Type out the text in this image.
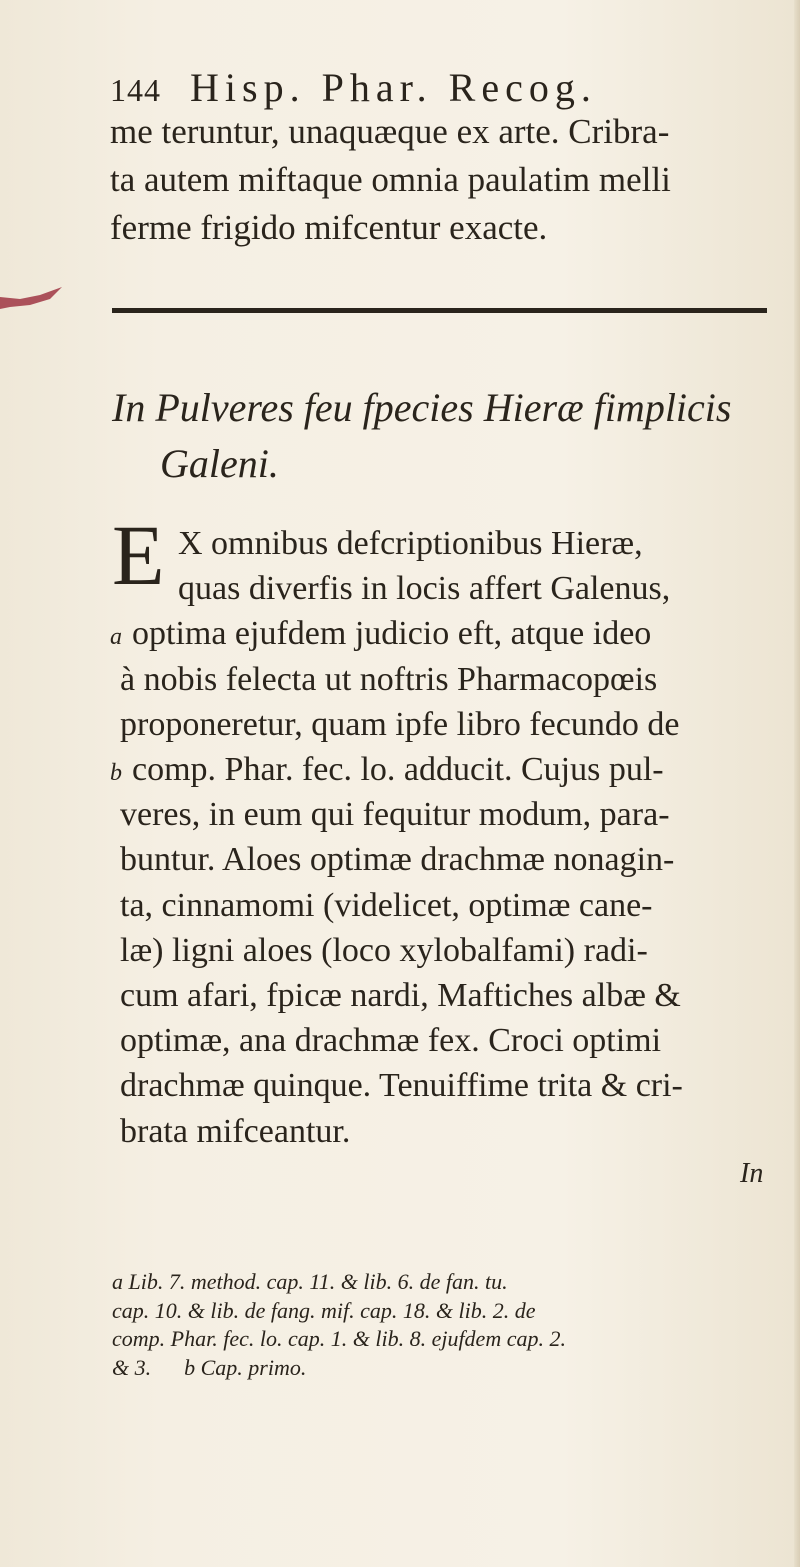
144 Hisp. Phar. Recog.
me teruntur, unaquæque ex arte. Cribra-
ta autem miftaque omnia paulatim melli
ferme frigido mifcentur exacte.
In Pulveres feu fpecies Hieræ fimplicis
Galeni.
E X omnibus defcriptionibus Hieræ,
quas diverfis in locis affert Galenus,
a optima ejufdem judicio eft, atque ideo
à nobis felecta ut noftris Pharmacopœis
proponeretur, quam ipfe libro fecundo de
b comp. Phar. fec. lo. adducit. Cujus pul-
veres, in eum qui fequitur modum, para-
buntur. Aloes optimæ drachmæ nonagin-
ta, cinnamomi (videlicet, optimæ cane-
læ) ligni aloes (loco xylobalfami) radi-
cum afari, fpicæ nardi, Maftiches albæ &
optimæ, ana drachmæ fex. Croci optimi
drachmæ quinque. Tenuiffime trita & cri-
brata mifceantur.
In
a Lib. 7. method. cap. 11. & lib. 6. de fan. tu.
cap. 10. & lib. de fang. mif. cap. 18. & lib. 2. de
comp. Phar. fec. lo. cap. 1. & lib. 8. ejufdem cap. 2.
& 3.      b Cap. primo.
